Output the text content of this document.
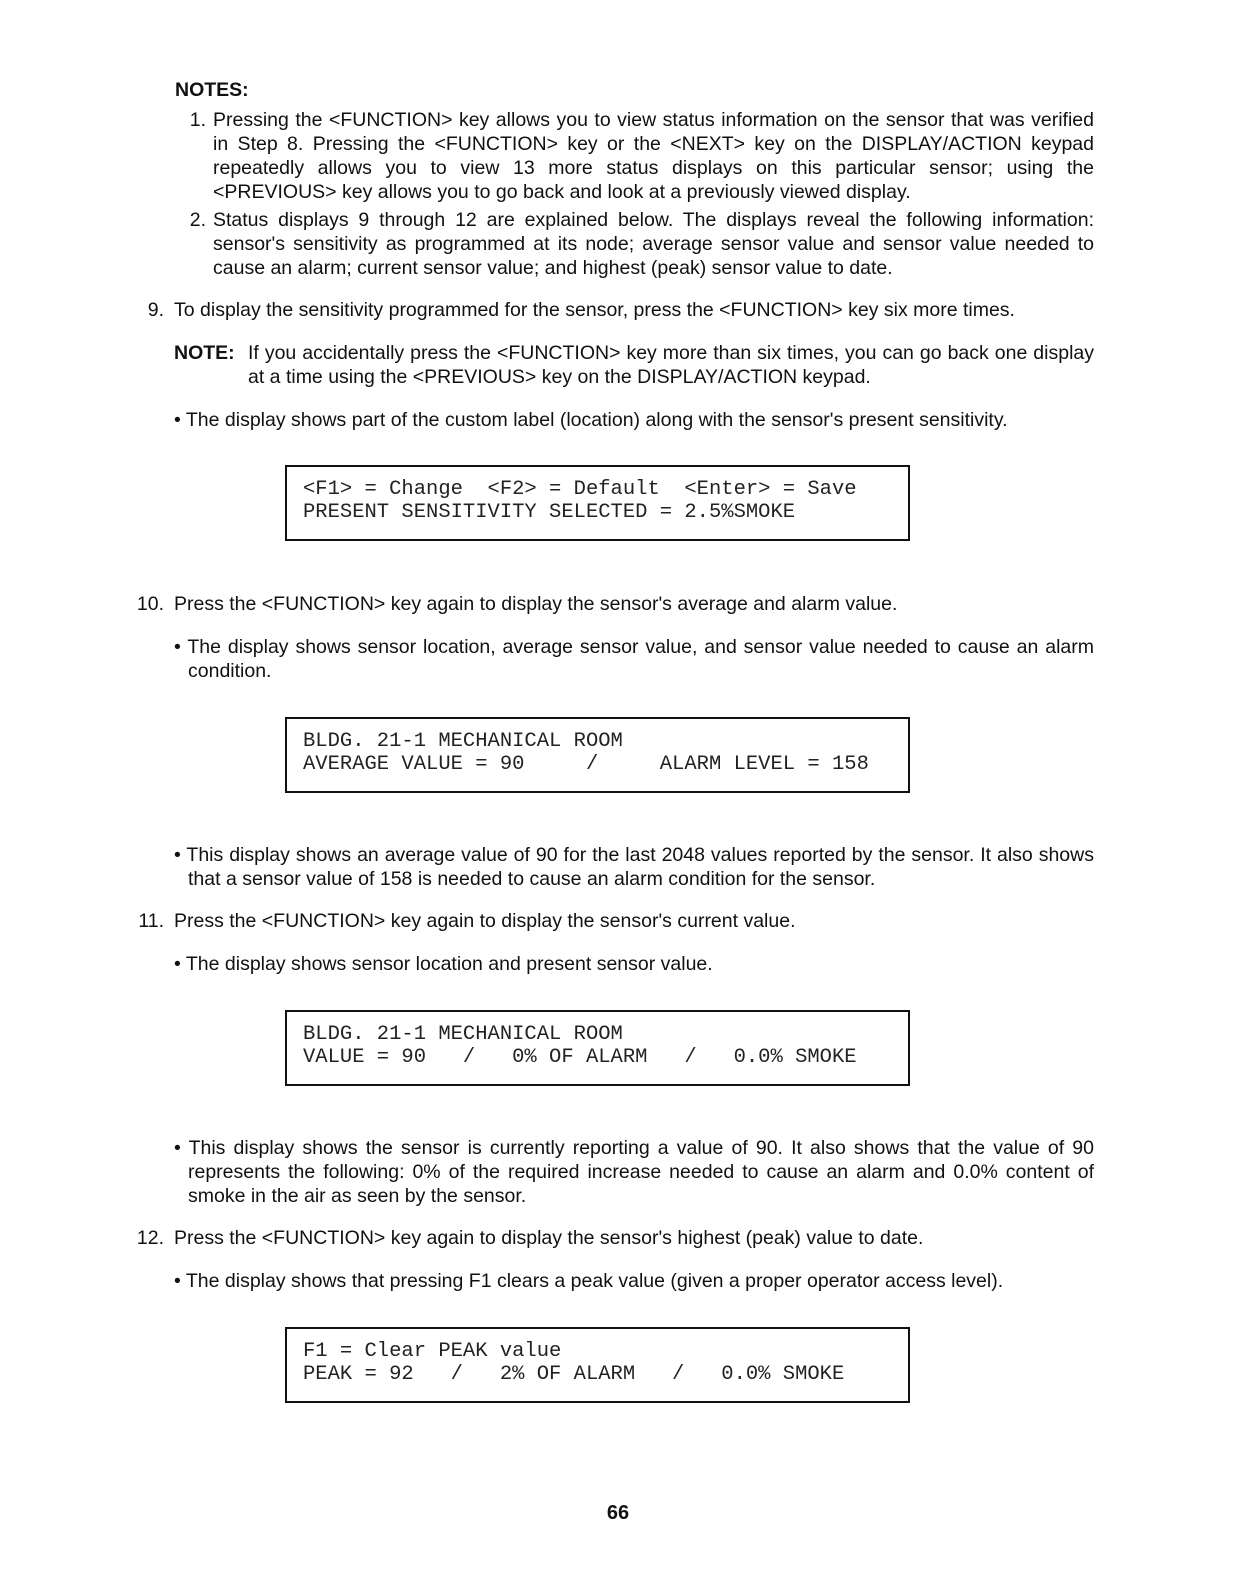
NOTES:
1. Pressing the <FUNCTION> key allows you to view status information on the sensor that was verified
in Step 8. Pressing the <FUNCTION> key or the <NEXT> key on the DISPLAY/ACTION keypad
repeatedly allows you to view 13 more status displays on this particular sensor; using the
<PREVIOUS> key allows you to go back and look at a previously viewed display.
2. Status displays 9 through 12 are explained below. The displays reveal the following information:
sensor's sensitivity as programmed at its node; average sensor value and sensor value needed to
cause an alarm; current sensor value; and highest (peak) sensor value to date.
9. To display the sensitivity programmed for the sensor, press the <FUNCTION> key six more times.
NOTE: If you accidentally press the <FUNCTION> key more than six times, you can go back one display
at a time using the <PREVIOUS> key on the DISPLAY/ACTION keypad.
• The display shows part of the custom label (location) along with the sensor's present sensitivity.
<F1> = Change  <F2> = Default  <Enter> = Save
PRESENT SENSITIVITY SELECTED = 2.5%SMOKE
10. Press the <FUNCTION> key again to display the sensor's average and alarm value.
• The display shows sensor location, average sensor value, and sensor value needed to cause an alarm
condition.
BLDG. 21-1 MECHANICAL ROOM
AVERAGE VALUE = 90     /     ALARM LEVEL = 158
• This display shows an average value of 90 for the last 2048 values reported by the sensor. It also shows
that a sensor value of 158 is needed to cause an alarm condition for the sensor.
11. Press the <FUNCTION> key again to display the sensor's current value.
• The display shows sensor location and present sensor value.
BLDG. 21-1 MECHANICAL ROOM
VALUE = 90   /   0% OF ALARM   /   0.0% SMOKE
• This display shows the sensor is currently reporting a value of 90. It also shows that the value of 90
represents the following: 0% of the required increase needed to cause an alarm and 0.0% content of
smoke in the air as seen by the sensor.
12. Press the <FUNCTION> key again to display the sensor's highest (peak) value to date.
• The display shows that pressing F1 clears a peak value (given a proper operator access level).
F1 = Clear PEAK value
PEAK = 92   /   2% OF ALARM   /   0.0% SMOKE
66
